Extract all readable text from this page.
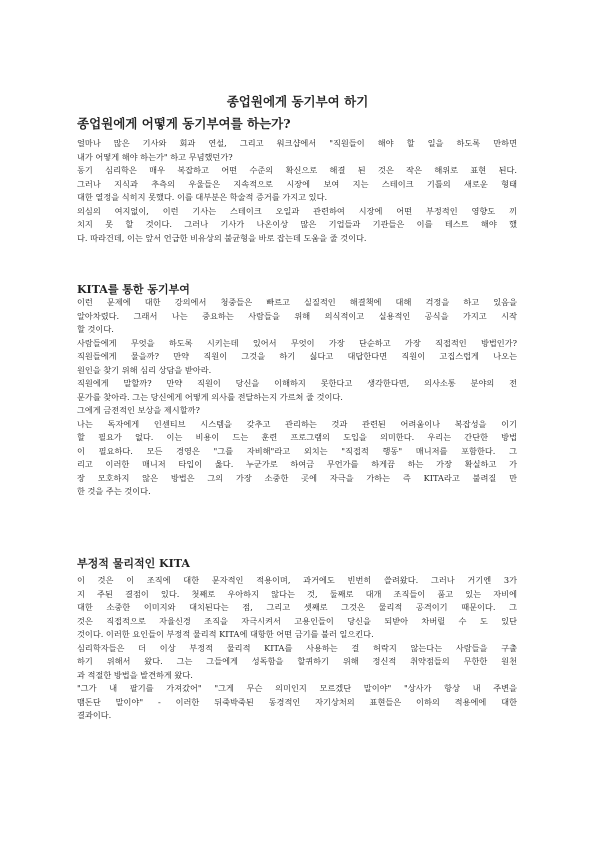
종업원에게 동기부여 하기
종업원에게 어떻게 동기부여를 하는가?
얼마나 많은 기사와 회과 연설, 그리고 워크샵에서 "직원들이 해야 할 일을 하도록 만하면
내가 어떻게 해야 하는가" 하고 무념했던가?
동기 심리학은 매우 복잡하고 어떤 수준의 확신으로 해결 된 것은 작은 해위로 표현 된다.
그러나 지식과 추측의 우울들은 지속적으로 시장에 보여 지는 스테이크 기틀의 새로운 형태
대한 열정을 식히지 못했다. 이를 대부분은 학술적 증거를 가지고 있다.
의심의 여지없이, 이런 기사는 스테이크 오일과 관련하여 시장에 어떤 부정적인 영향도 끼
치지 못 할 것이다. 그러나 기사가 나온이상 많은 기업들과 기관들은 이를 테스트 해야 했
다. 따라건데, 이는 앞서 언급한 비유상의 불균형을 바로 잡는데 도움을 줄 것이다.
KITA를 통한 동기부여
이런 문제에 대한 강의에서 청중들은 빠르고 실질적인 해결책에 대해 걱정을 하고 있음을
알아차렸다. 그래서 나는 중요하는 사람들을 위해 의식적이고 실용적인 공식을 가지고 시작
할 것이다.
사람들에게 무엇을 하도록 시키는데 있어서 무엇이 가장 단순하고 가장 직접적인 방법인가?
직원들에게 물을까? 만약 직원이 그것을 하기 싫다고 대답한다면 직원이 고집스럽게 나오는
원인을 찾기 위해 심리 상담을 받아라.
직원에게 말할까? 만약 직원이 당신을 이해하지 못한다고 생각한다면, 의사소통 분야의 전
문가를 찾아라. 그는 당신에게 어떻게 의사를 전달하는지 가르쳐 줄 것이다.
그에게 금전적인 보상을 제시할까?
나는 독자에게 인센티브 시스템을 갖추고 관리하는 것과 관련된 어려움이나 복잡성을 이기
할 필요가 없다. 이는 비용이 드는 훈련 프로그램의 도입을 의미한다. 우리는 간단한 방법
이 필요하다. 모든 경영은 "그를 자비해"라고 외치는 "직접적 행동" 매니저를 포함한다. 그
리고 이러한 매니저 타입이 옳다. 누군가로 하여금 무언가를 하게끔 하는 가장 확실하고 가
장 모호하지 않은 방법은 그의 가장 소중한 곳에 자극을 가하는 즉 KITA라고 불려질 만
한 것을 주는 것이다.
부정적 물리적인 KITA
이 것은 이 조직에 대한 문자적인 적용이며, 과거에도 빈번히 쓸려왔다. 그러나 거기엔 3가
지 주된 결점이 있다. 첫째로 우아하지 않다는 것, 둘째로 대개 조직들이 품고 있는 자비에
대한 소중한 이미지와 대치된다는 점, 그리고 셋째로 그것은 물리적 공격이기 때문이다. 그
것은 직접적으로 자율신경 조직을 자극시켜서 고용인들이 당신을 되받아 차버릴 수 도 있단
것이다. 이러한 요인들이 부정적 물리적 KITA에 대항한 어떤 금기를 불러 일으킨다.
심리학자들은 더 이상 부정적 물리적 KITA를 사용하는 걸 허락지 않는다는 사람들을 구출
하기 위해서 왔다. 그는 그들에게 성독함을 할퀴하기 위해 정신적 취약점들의 무한한 원천
과 적절한 방법을 발견하게 왔다.
"그가 내 팔기를 가져갔어" "그게 무슨 의미인지 모르겠단 말이야" "상사가 항상 내 주변을
맴돈단 말이야" - 이러한 뒤죽박죽된 동경적인 자기상처의 표현들은 이하의 적용에에 대한
결과이다.
